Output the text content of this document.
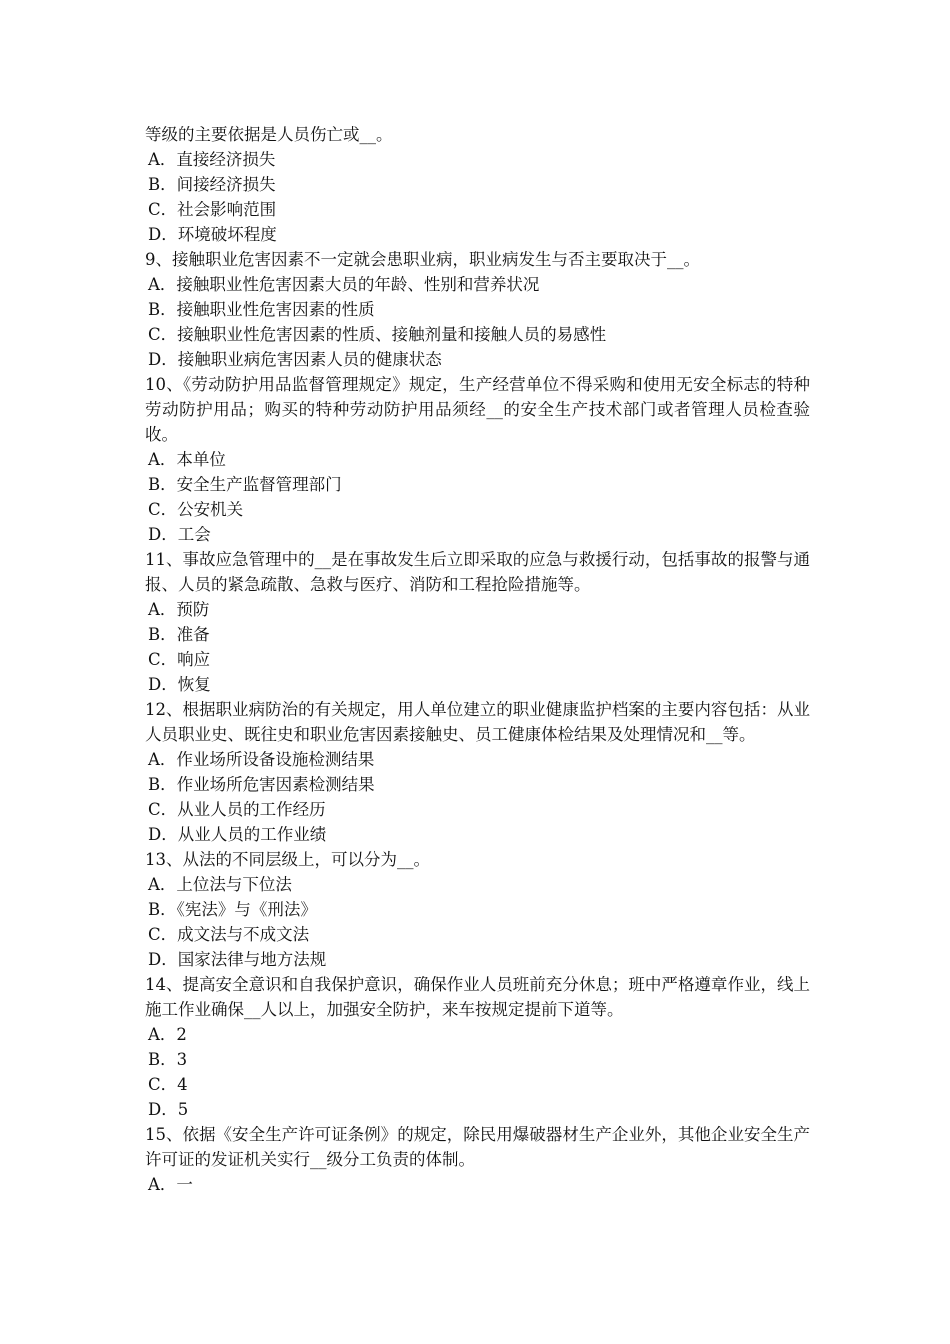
等级的主要依据是人员伤亡或__。
A．直接经济损失
B．间接经济损失
C．社会影响范围
D．环境破坏程度
9、接触职业危害因素不一定就会患职业病，职业病发生与否主要取决于__。
A．接触职业性危害因素大员的年龄、性别和营养状况
B．接触职业性危害因素的性质
C．接触职业性危害因素的性质、接触剂量和接触人员的易感性
D．接触职业病危害因素人员的健康状态
10、《劳动防护用品监督管理规定》规定，生产经营单位不得采购和使用无安全标志的特种劳动防护用品；购买的特种劳动防护用品须经__的安全生产技术部门或者管理人员检查验收。
A．本单位
B．安全生产监督管理部门
C．公安机关
D．工会
11、事故应急管理中的__是在事故发生后立即采取的应急与救援行动，包括事故的报警与通报、人员的紧急疏散、急救与医疗、消防和工程抢险措施等。
A．预防
B．准备
C．响应
D．恢复
12、根据职业病防治的有关规定，用人单位建立的职业健康监护档案的主要内容包括：从业人员职业史、既往史和职业危害因素接触史、员工健康体检结果及处理情况和__等。
A．作业场所设备设施检测结果
B．作业场所危害因素检测结果
C．从业人员的工作经历
D．从业人员的工作业绩
13、从法的不同层级上，可以分为__。
A．上位法与下位法
B．《宪法》与《刑法》
C．成文法与不成文法
D．国家法律与地方法规
14、提高安全意识和自我保护意识，确保作业人员班前充分休息；班中严格遵章作业，线上施工作业确保__人以上，加强安全防护，来车按规定提前下道等。
A．2
B．3
C．4
D．5
15、依据《安全生产许可证条例》的规定，除民用爆破器材生产企业外，其他企业安全生产许可证的发证机关实行__级分工负责的体制。
A．一
